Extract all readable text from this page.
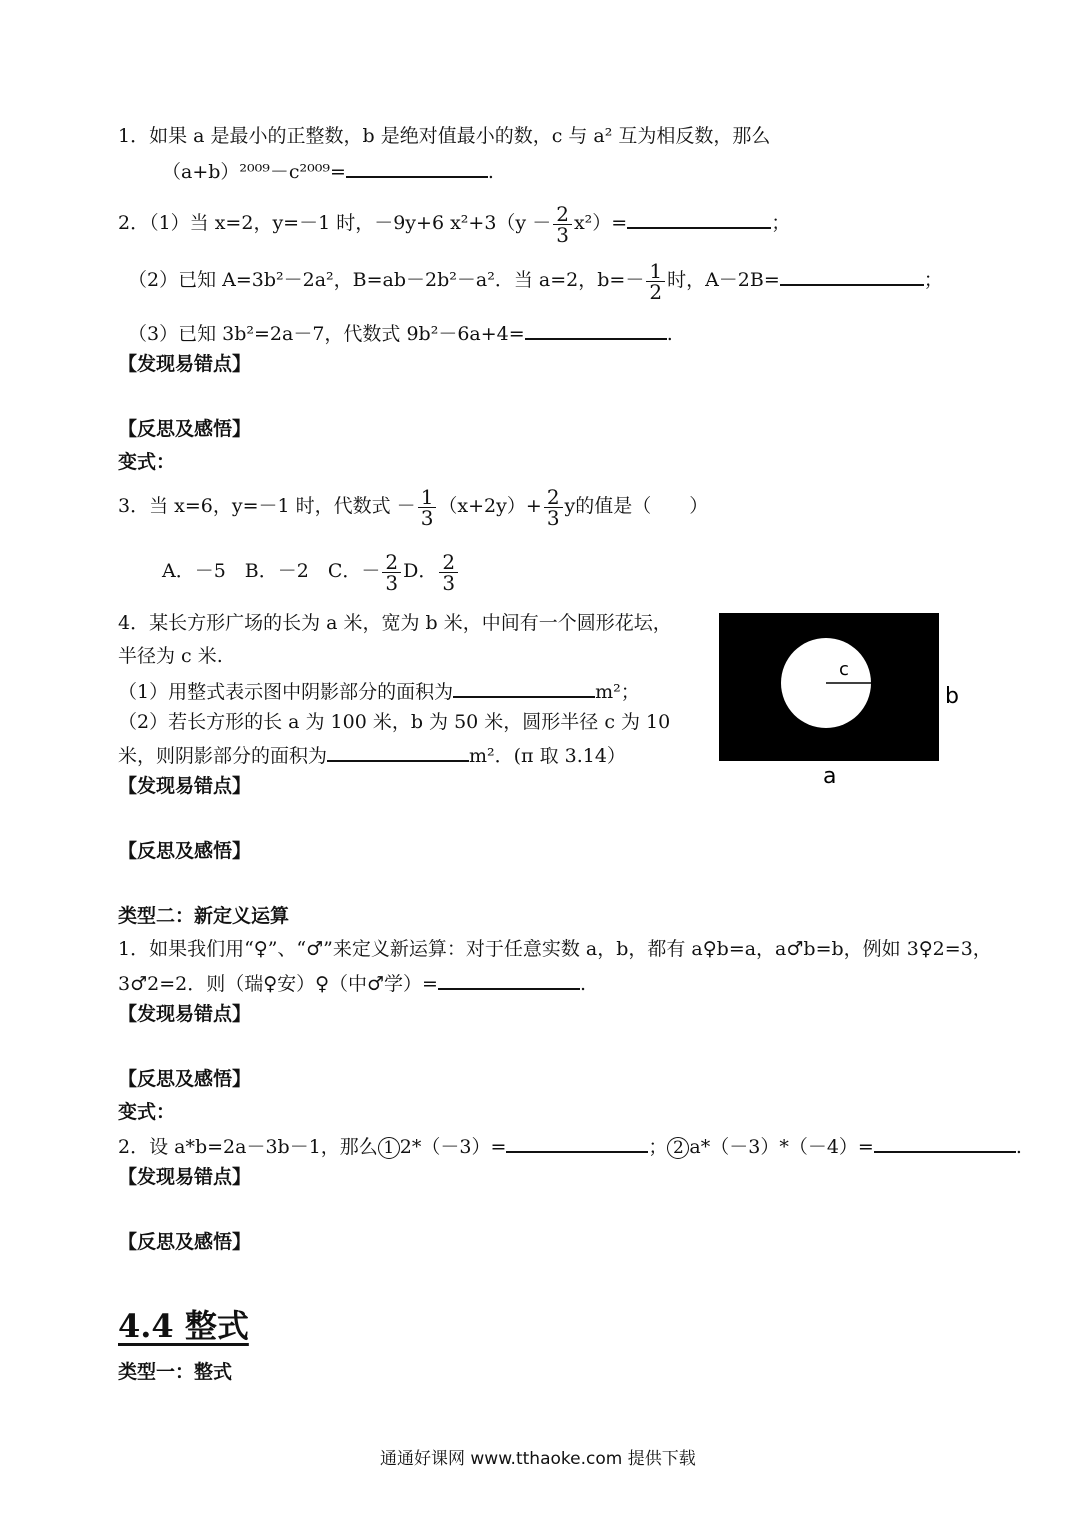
1．如果 a 是最小的正整数，b 是绝对值最小的数，c 与 a² 互为相反数，那么
（a+b）²⁰⁰⁹－c²⁰⁰⁹=	.
2．（1）当 x=2，y=－1 时，－9y+6 $x^2+3(y - \frac{2}{3} x^2)=$	；
（2）已知 A=3b²－2a²，B=ab－2b²－a²．当 a=2，$b=- \frac{1}{2}$ 时，A－2B=	；
（3）已知 3b²=2a－7，代数式 9b²－6a+4=	.
【发现易错点】
【反思及感悟】
变式：
3．当 x=6，y=－1 时，代数式 － $\frac{1}{3} (x+2y)+ \frac{2}{3}$ y的值是（　　）
A．－5　B．－2　C．－ $\frac{2}{3}$ D． $\frac{2}{3}$
4．某长方形广场的长为 a 米，宽为 b 米，中间有一个圆形花坛，
半径为 c 米.
（1）用整式表示图中阴影部分的面积为	m²；
（2）若长方形的长 a 为 100 米，b 为 50 米，圆形半径 c 为 10
米，则阴影部分的面积为	m²．(π 取 3.14）
c
b
a
【发现易错点】
【反思及感悟】
类型二：新定义运算
1．如果我们用“♀”、“♂”来定义新运算：对于任意实数 a，b，都有 a♀b=a，a♂b=b，例如 3♀2=3，
3♂2=2．则（瑞♀安）♀（中♂学）=	.
【发现易错点】
【反思及感悟】
变式：
2．设 a*b=2a－3b－1，那么 1 2*（－3）=	； 2 a*（－3）*（－4）=	.
【发现易错点】
【反思及感悟】
4.4 整式
类型一：整式
通通好课网 www.tthaoke.com 提供下载
